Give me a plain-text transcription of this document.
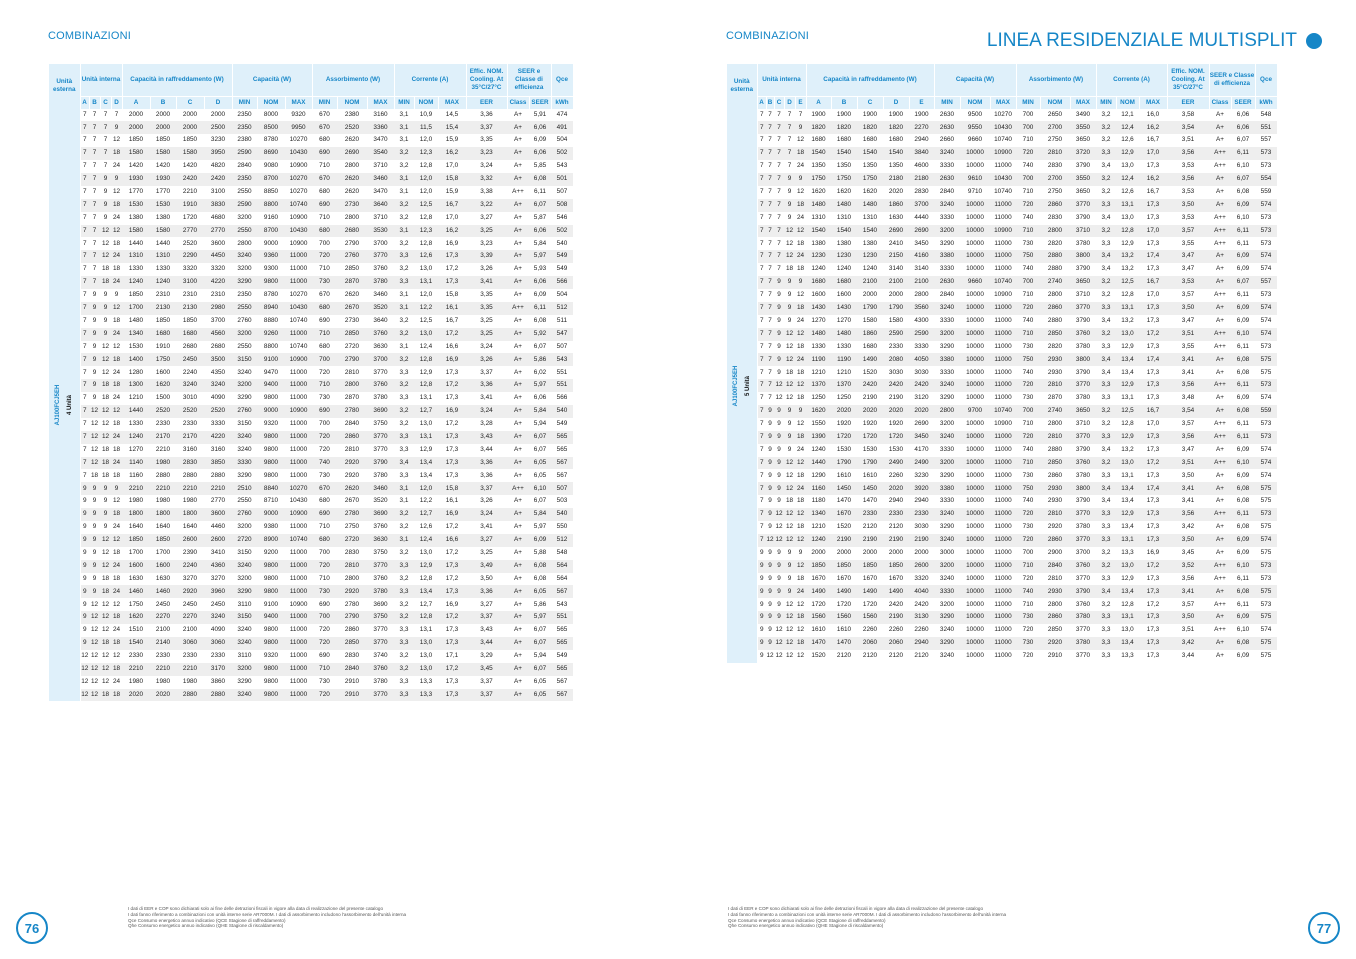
COMBINAZIONI
Unità esterna	Unità interna				Capacità in raffreddamento (W)				Capacità (W)			Assorbimento (W)			Corrente (A)			Effic. NOM. Cooling. At 35°C/27°C	SEER e Classe di efficienza		Qce
	A	B	C	D	A	B	C	D	MIN	NOM	MAX	MIN	NOM	MAX	MIN	NOM	MAX	EER	Class	SEER	kWh

AJ100FCJ5EH 4 Unità	7	7	7	7	2000	2000	2000	2000	2350	8000	9320	670	2380	3160	3,1	10,9	14,5	3,36	A+	5,91	474
	7	7	7	9	2000	2000	2000	2500	2350	8500	9950	670	2520	3360	3,1	11,5	15,4	3,37	A+	6,06	491
	7	7	7	12	1850	1850	1850	3230	2380	8780	10270	680	2620	3470	3,1	12,0	15,9	3,35	A+	6,09	504
	7	7	7	18	1580	1580	1580	3950	2590	8690	10430	690	2690	3540	3,2	12,3	16,2	3,23	A+	6,06	502
	7	7	7	24	1420	1420	1420	4820	2840	9080	10900	710	2800	3710	3,2	12,8	17,0	3,24	A+	5,85	543
	7	7	9	9	1930	1930	2420	2420	2350	8700	10270	670	2620	3460	3,1	12,0	15,8	3,32	A+	6,08	501
	7	7	9	12	1770	1770	2210	3100	2550	8850	10270	680	2620	3470	3,1	12,0	15,9	3,38	A++	6,11	507
	7	7	9	18	1530	1530	1910	3830	2590	8800	10740	690	2730	3640	3,2	12,5	16,7	3,22	A+	6,07	508
	7	7	9	24	1380	1380	1720	4680	3200	9160	10900	710	2800	3710	3,2	12,8	17,0	3,27	A+	5,87	546
	7	7	12	12	1580	1580	2770	2770	2550	8700	10430	680	2680	3530	3,1	12,3	16,2	3,25	A+	6,06	502
	7	7	12	18	1440	1440	2520	3600	2800	9000	10900	700	2790	3700	3,2	12,8	16,9	3,23	A+	5,84	540
	7	7	12	24	1310	1310	2290	4450	3240	9360	11000	720	2760	3770	3,3	12,6	17,3	3,39	A+	5,97	549
	7	7	18	18	1330	1330	3320	3320	3200	9300	11000	710	2850	3760	3,2	13,0	17,2	3,26	A+	5,93	549
	7	7	18	24	1240	1240	3100	4220	3290	9800	11000	730	2870	3780	3,3	13,1	17,3	3,41	A+	6,06	566
	7	9	9	9	1850	2310	2310	2310	2350	8780	10270	670	2620	3460	3,1	12,0	15,8	3,35	A+	6,09	504
	7	9	9	12	1700	2130	2130	2980	2550	8940	10430	680	2670	3520	3,1	12,2	16,1	3,35	A++	6,11	512
	7	9	9	18	1480	1850	1850	3700	2760	8880	10740	690	2730	3640	3,2	12,5	16,7	3,25	A+	6,08	511
	7	9	9	24	1340	1680	1680	4560	3200	9260	11000	710	2850	3760	3,2	13,0	17,2	3,25	A+	5,92	547
	7	9	12	12	1530	1910	2680	2680	2550	8800	10740	680	2720	3630	3,1	12,4	16,6	3,24	A+	6,07	507
	7	9	12	18	1400	1750	2450	3500	3150	9100	10900	700	2790	3700	3,2	12,8	16,9	3,26	A+	5,86	543
	7	9	12	24	1280	1600	2240	4350	3240	9470	11000	720	2810	3770	3,3	12,9	17,3	3,37	A+	6,02	551
	7	9	18	18	1300	1620	3240	3240	3200	9400	11000	710	2800	3760	3,2	12,8	17,2	3,36	A+	5,97	551
	7	9	18	24	1210	1500	3010	4090	3290	9800	11000	730	2870	3780	3,3	13,1	17,3	3,41	A+	6,06	566
	7	12	12	12	1440	2520	2520	2520	2760	9000	10900	690	2780	3690	3,2	12,7	16,9	3,24	A+	5,84	540
	7	12	12	18	1330	2330	2330	3330	3150	9320	11000	700	2840	3750	3,2	13,0	17,2	3,28	A+	5,94	549
	7	12	12	24	1240	2170	2170	4220	3240	9800	11000	720	2860	3770	3,3	13,1	17,3	3,43	A+	6,07	565
	7	12	18	18	1270	2210	3160	3160	3240	9800	11000	720	2810	3770	3,3	12,9	17,3	3,44	A+	6,07	565
	7	12	18	24	1140	1980	2830	3850	3330	9800	11000	740	2920	3790	3,4	13,4	17,3	3,36	A+	6,05	567
	7	18	18	18	1160	2880	2880	2880	3290	9800	11000	730	2920	3780	3,3	13,4	17,3	3,36	A+	6,05	567
	9	9	9	9	2210	2210	2210	2210	2510	8840	10270	670	2620	3460	3,1	12,0	15,8	3,37	A++	6,10	507
	9	9	9	12	1980	1980	1980	2770	2550	8710	10430	680	2670	3520	3,1	12,2	16,1	3,26	A+	6,07	503
	9	9	9	18	1800	1800	1800	3600	2760	9000	10900	690	2780	3690	3,2	12,7	16,9	3,24	A+	5,84	540
	9	9	9	24	1640	1640	1640	4460	3200	9380	11000	710	2750	3760	3,2	12,6	17,2	3,41	A+	5,97	550
	9	9	12	12	1850	1850	2600	2600	2720	8900	10740	680	2720	3630	3,1	12,4	16,6	3,27	A+	6,09	512
	9	9	12	18	1700	1700	2390	3410	3150	9200	11000	700	2830	3750	3,2	13,0	17,2	3,25	A+	5,88	548
	9	9	12	24	1600	1600	2240	4360	3240	9800	11000	720	2810	3770	3,3	12,9	17,3	3,49	A+	6,08	564
	9	9	18	18	1630	1630	3270	3270	3200	9800	11000	710	2800	3760	3,2	12,8	17,2	3,50	A+	6,08	564
	9	9	18	24	1460	1460	2920	3960	3290	9800	11000	730	2920	3780	3,3	13,4	17,3	3,36	A+	6,05	567
	9	12	12	12	1750	2450	2450	2450	3110	9100	10900	690	2780	3690	3,2	12,7	16,9	3,27	A+	5,86	543
	9	12	12	18	1620	2270	2270	3240	3150	9400	11000	700	2790	3750	3,2	12,8	17,2	3,37	A+	5,97	551
	9	12	12	24	1510	2100	2100	4090	3240	9800	11000	720	2860	3770	3,3	13,1	17,3	3,43	A+	6,07	565
	9	12	18	18	1540	2140	3060	3060	3240	9800	11000	720	2850	3770	3,3	13,0	17,3	3,44	A+	6,07	565
	12	12	12	12	2330	2330	2330	2330	3110	9320	11000	690	2830	3740	3,2	13,0	17,1	3,29	A+	5,94	549
	12	12	12	18	2210	2210	2210	3170	3200	9800	11000	710	2840	3760	3,2	13,0	17,2	3,45	A+	6,07	565
	12	12	12	24	1980	1980	1980	3860	3290	9800	11000	730	2910	3780	3,3	13,3	17,3	3,37	A+	6,05	567
	12	12	18	18	2020	2020	2880	2880	3240	9800	11000	720	2910	3770	3,3	13,3	17,3	3,37	A+	6,05	567
I dati di EER e COP sono dichiarati solo ai fine delle detrazioni fiscali in vigore alla data di realizzazione del presente catalogo
I dati fanno riferimento a combinazioni con unità interne serie AR7000M. I dati di assorbimento includono l'assorbimento dell'unità interna
Qce Consumo energetico annuo indicativo (QCE Stagione di raffreddamento)
Qhe Consumo energetico annuo indicativo (QHE Stagione di riscaldamento)
76
COMBINAZIONI	LINEA RESIDENZIALE MULTISPLIT
Unità esterna	Unità interna					Capacità in raffreddamento (W)					Capacità (W)			Assorbimento (W)			Corrente (A)			Effic. NOM. Cooling. At 35°C/27°C	SEER e Classe di efficienza		Qce
	A	B	C	D	E	A	B	C	D	E	MIN	NOM	MAX	MIN	NOM	MAX	MIN	NOM	MAX	EER	Class	SEER	kWh

AJ100FCJ5EH 5 Unità	7	7	7	7	7	1900	1900	1900	1900	1900	2630	9500	10270	700	2650	3490	3,2	12,1	16,0	3,58	A+	6,06	548
	7	7	7	7	9	1820	1820	1820	1820	2270	2630	9550	10430	700	2700	3550	3,2	12,4	16,2	3,54	A+	6,06	551
	7	7	7	7	12	1680	1680	1680	1680	2940	2660	9660	10740	710	2750	3650	3,2	12,6	16,7	3,51	A+	6,07	557
	7	7	7	7	18	1540	1540	1540	1540	3840	3240	10000	10900	720	2810	3720	3,3	12,9	17,0	3,56	A++	6,11	573
	7	7	7	7	24	1350	1350	1350	1350	4600	3330	10000	11000	740	2830	3790	3,4	13,0	17,3	3,53	A++	6,10	573
	7	7	7	9	9	1750	1750	1750	2180	2180	2630	9610	10430	700	2700	3550	3,2	12,4	16,2	3,56	A+	6,07	554
	7	7	7	9	12	1620	1620	1620	2020	2830	2840	9710	10740	710	2750	3650	3,2	12,6	16,7	3,53	A+	6,08	559
	7	7	7	9	18	1480	1480	1480	1860	3700	3240	10000	11000	720	2860	3770	3,3	13,1	17,3	3,50	A+	6,09	574
	7	7	7	9	24	1310	1310	1310	1630	4440	3330	10000	11000	740	2830	3790	3,4	13,0	17,3	3,53	A++	6,10	573
	7	7	7	12	12	1540	1540	1540	2690	2690	3200	10000	10900	710	2800	3710	3,2	12,8	17,0	3,57	A++	6,11	573
	7	7	7	12	18	1380	1380	1380	2410	3450	3290	10000	11000	730	2820	3780	3,3	12,9	17,3	3,55	A++	6,11	573
	7	7	7	12	24	1230	1230	1230	2150	4160	3380	10000	11000	750	2880	3800	3,4	13,2	17,4	3,47	A+	6,09	574
	7	7	7	18	18	1240	1240	1240	3140	3140	3330	10000	11000	740	2880	3790	3,4	13,2	17,3	3,47	A+	6,09	574
	7	7	9	9	9	1680	1680	2100	2100	2100	2630	9660	10740	700	2740	3650	3,2	12,5	16,7	3,53	A+	6,07	557
	7	7	9	9	12	1600	1600	2000	2000	2800	2840	10000	10900	710	2800	3710	3,2	12,8	17,0	3,57	A++	6,11	573
	7	7	9	9	18	1430	1430	1790	1790	3560	3240	10000	11000	720	2860	3770	3,3	13,1	17,3	3,50	A+	6,09	574
	7	7	9	9	24	1270	1270	1580	1580	4300	3330	10000	11000	740	2880	3790	3,4	13,2	17,3	3,47	A+	6,09	574
	7	7	9	12	12	1480	1480	1860	2590	2590	3200	10000	11000	710	2850	3760	3,2	13,0	17,2	3,51	A++	6,10	574
	7	7	9	12	18	1330	1330	1680	2330	3330	3290	10000	11000	730	2820	3780	3,3	12,9	17,3	3,55	A++	6,11	573
	7	7	9	12	24	1190	1190	1490	2080	4050	3380	10000	11000	750	2930	3800	3,4	13,4	17,4	3,41	A+	6,08	575
	7	7	9	18	18	1210	1210	1520	3030	3030	3330	10000	11000	740	2930	3790	3,4	13,4	17,3	3,41	A+	6,08	575
	7	7	12	12	12	1370	1370	2420	2420	2420	3240	10000	11000	720	2810	3770	3,3	12,9	17,3	3,56	A++	6,11	573
	7	7	12	12	18	1250	1250	2190	2190	3120	3290	10000	11000	730	2870	3780	3,3	13,1	17,3	3,48	A+	6,09	574
	7	9	9	9	9	1620	2020	2020	2020	2020	2800	9700	10740	700	2740	3650	3,2	12,5	16,7	3,54	A+	6,08	559
	7	9	9	9	12	1550	1920	1920	1920	2690	3200	10000	10900	710	2800	3710	3,2	12,8	17,0	3,57	A++	6,11	573
	7	9	9	9	18	1390	1720	1720	1720	3450	3240	10000	11000	720	2810	3770	3,3	12,9	17,3	3,56	A++	6,11	573
	7	9	9	9	24	1240	1530	1530	1530	4170	3330	10000	11000	740	2880	3790	3,4	13,2	17,3	3,47	A+	6,09	574
	7	9	9	12	12	1440	1790	1790	2490	2490	3200	10000	11000	710	2850	3760	3,2	13,0	17,2	3,51	A++	6,10	574
	7	9	9	12	18	1290	1610	1610	2260	3230	3290	10000	11000	730	2860	3780	3,3	13,1	17,3	3,50	A+	6,09	574
	7	9	9	12	24	1160	1450	1450	2020	3920	3380	10000	11000	750	2930	3800	3,4	13,4	17,4	3,41	A+	6,08	575
	7	9	9	18	18	1180	1470	1470	2940	2940	3330	10000	11000	740	2930	3790	3,4	13,4	17,3	3,41	A+	6,08	575
	7	9	12	12	12	1340	1670	2330	2330	2330	3240	10000	11000	720	2810	3770	3,3	12,9	17,3	3,56	A++	6,11	573
	7	9	12	12	18	1210	1520	2120	2120	3030	3290	10000	11000	730	2920	3780	3,3	13,4	17,3	3,42	A+	6,08	575
	7	12	12	12	12	1240	2190	2190	2190	2190	3240	10000	11000	720	2860	3770	3,3	13,1	17,3	3,50	A+	6,09	574
	9	9	9	9	9	2000	2000	2000	2000	2000	3000	10000	11000	700	2900	3700	3,2	13,3	16,9	3,45	A+	6,09	575
	9	9	9	9	12	1850	1850	1850	1850	2600	3200	10000	11000	710	2840	3760	3,2	13,0	17,2	3,52	A++	6,10	573
	9	9	9	9	18	1670	1670	1670	1670	3320	3240	10000	11000	720	2810	3770	3,3	12,9	17,3	3,56	A++	6,11	573
	9	9	9	9	24	1490	1490	1490	1490	4040	3330	10000	11000	740	2930	3790	3,4	13,4	17,3	3,41	A+	6,08	575
	9	9	9	12	12	1720	1720	1720	2420	2420	3200	10000	11000	710	2800	3760	3,2	12,8	17,2	3,57	A++	6,11	573
	9	9	9	12	18	1560	1560	1560	2190	3130	3290	10000	11000	730	2860	3780	3,3	13,1	17,3	3,50	A+	6,09	575
	9	9	12	12	12	1610	1610	2260	2260	2260	3240	10000	11000	720	2850	3770	3,3	13,0	17,3	3,51	A++	6,10	574
	9	9	12	12	18	1470	1470	2060	2060	2940	3290	10000	11000	730	2920	3780	3,3	13,4	17,3	3,42	A+	6,08	575
	9	12	12	12	12	1520	2120	2120	2120	2120	3240	10000	11000	720	2910	3770	3,3	13,3	17,3	3,44	A+	6,09	575
I dati di EER e COP sono dichiarati solo ai fine delle detrazioni fiscali in vigore alla data di realizzazione del presente catalogo
I dati fanno riferimento a combinazioni con unità interne serie AR7000M. I dati di assorbimento includono l'assorbimento dell'unità interna
Qce Consumo energetico annuo indicativo (QCE Stagione di raffreddamento)
Qhe Consumo energetico annuo indicativo (QHE Stagione di riscaldamento)	77
